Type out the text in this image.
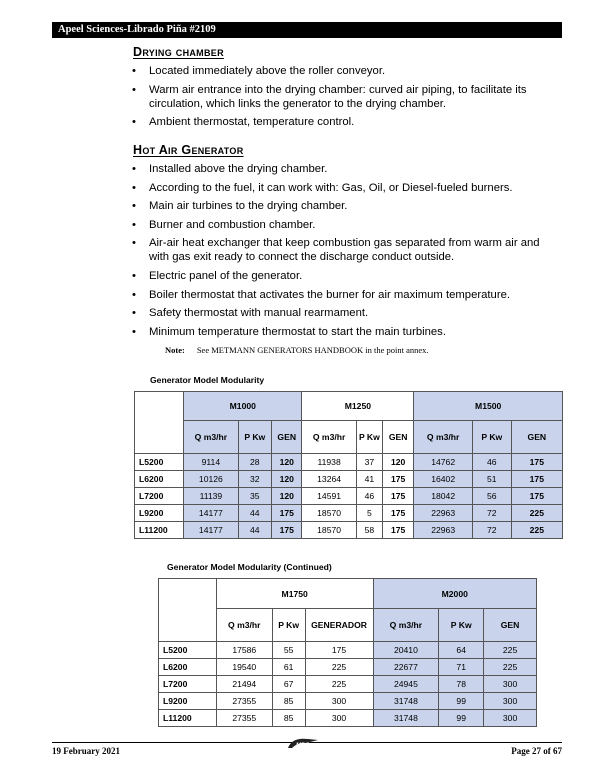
Apeel Sciences-Librado Piña #2109
Drying chamber
• Located immediately above the roller conveyor.
• Warm air entrance into the drying chamber: curved air piping, to facilitate its circulation, which links the generator to the drying chamber.
• Ambient thermostat, temperature control.
Hot Air Generator
• Installed above the drying chamber.
• According to the fuel, it can work with: Gas, Oil, or Diesel-fueled burners.
• Main air turbines to the drying chamber.
• Burner and combustion chamber.
• Air-air heat exchanger that keep combustion gas separated from warm air and with gas exit ready to connect the discharge conduct outside.
• Electric panel of the generator.
• Boiler thermostat that activates the burner for air maximum temperature.
• Safety thermostat with manual rearmament.
• Minimum temperature thermostat to start the main turbines.
Note: See METMANN GENERATORS HANDBOOK in the point annex.
Generator Model Modularity
	M1000			M1250			M1500		
	Q m3/hr	P Kw	GEN	Q m3/hr	P Kw	GEN	Q m3/hr	P Kw	GEN
L5200	9114	28	120	11938	37	120	14762	46	175
L6200	10126	32	120	13264	41	175	16402	51	175
L7200	11139	35	120	14591	46	175	18042	56	175
L9200	14177	44	175	18570	5	175	22963	72	225
L11200	14177	44	175	18570	58	175	22963	72	225
Generator Model Modularity (Continued)
	M1750			M2000		
	Q m3/hr	P Kw	GENERADOR	Q m3/hr	P Kw	GEN
L5200	17586	55	175	20410	64	225
L6200	19540	61	225	22677	71	225
L7200	21494	67	225	24945	78	300
L9200	27355	85	300	31748	99	300
L11200	27355	85	300	31748	99	300
19 February 2021	MBF	Page 27 of 67
